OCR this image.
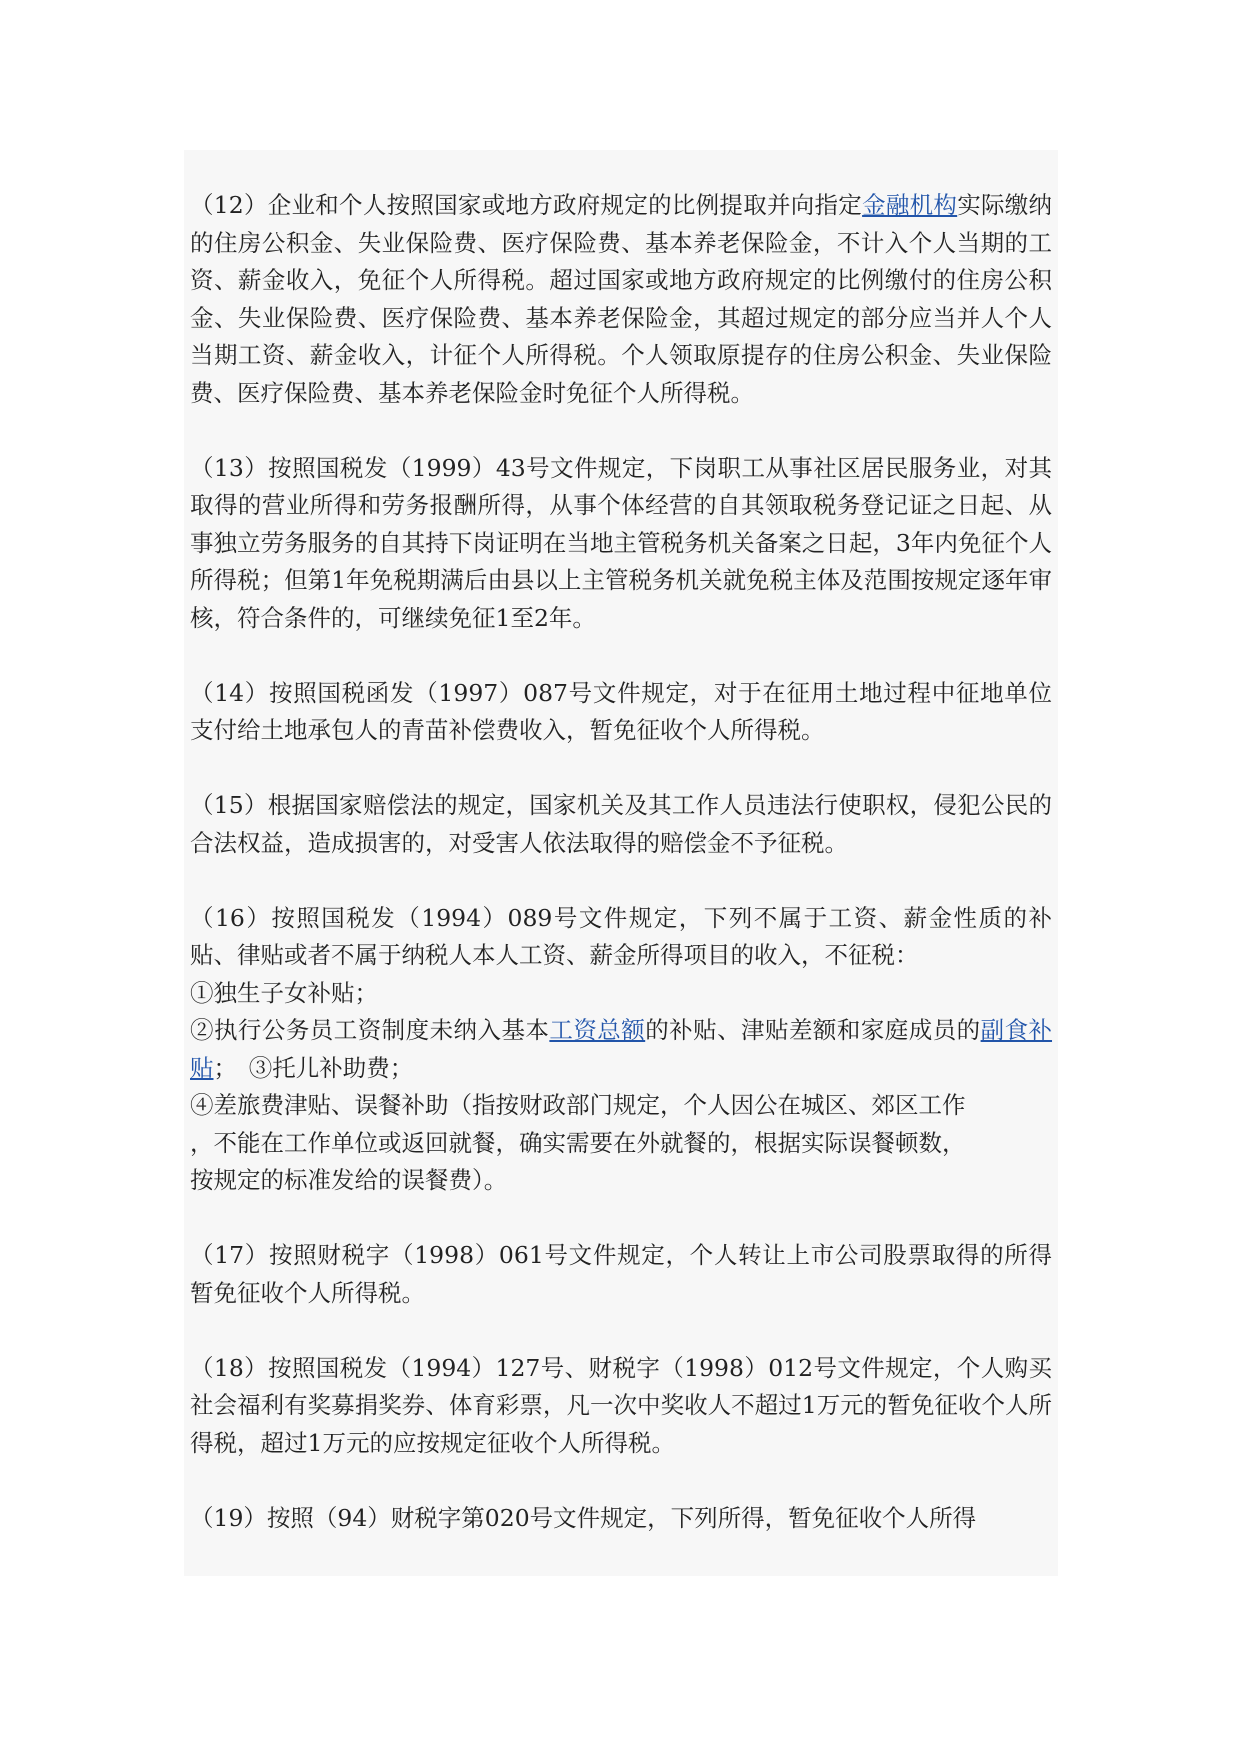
（12）企业和个人按照国家或地方政府规定的比例提取并向指定金融机构实际缴纳的住房公积金、失业保险费、医疗保险费、基本养老保险金，不计入个人当期的工资、薪金收入，免征个人所得税。超过国家或地方政府规定的比例缴付的住房公积金、失业保险费、医疗保险费、基本养老保险金，其超过规定的部分应当并人个人当期工资、薪金收入，计征个人所得税。个人领取原提存的住房公积金、失业保险费、医疗保险费、基本养老保险金时免征个人所得税。

（13）按照国税发（1999）43号文件规定，下岗职工从事社区居民服务业，对其取得的营业所得和劳务报酬所得，从事个体经营的自其领取税务登记证之日起、从事独立劳务服务的自其持下岗证明在当地主管税务机关备案之日起，3年内免征个人所得税；但第1年免税期满后由县以上主管税务机关就免税主体及范围按规定逐年审核，符合条件的，可继续免征1至2年。

（14）按照国税函发（1997）087号文件规定，对于在征用土地过程中征地单位支付给土地承包人的青苗补偿费收入，暂免征收个人所得税。

（15）根据国家赔偿法的规定，国家机关及其工作人员违法行使职权，侵犯公民的合法权益，造成损害的，对受害人依法取得的赔偿金不予征税。

（16）按照国税发（1994）089号文件规定，下列不属于工资、薪金性质的补贴、律贴或者不属于纳税人本人工资、薪金所得项目的收入，不征税：
①独生子女补贴；
②执行公务员工资制度未纳入基本工资总额的补贴、津贴差额和家庭成员的副食补贴；　③托儿补助费；
④差旅费津贴、误餐补助（指按财政部门规定，个人因公在城区、郊区工作
，不能在工作单位或返回就餐，确实需要在外就餐的，根据实际误餐顿数，
按规定的标准发给的误餐费）。

（17）按照财税字（1998）061号文件规定，个人转让上市公司股票取得的所得暂免征收个人所得税。

（18）按照国税发（1994）127号、财税字（1998）012号文件规定，个人购买社会福利有奖募捐奖券、体育彩票，凡一次中奖收人不超过1万元的暂免征收个人所得税，超过1万元的应按规定征收个人所得税。

（19）按照（94）财税字第020号文件规定，下列所得，暂免征收个人所得
